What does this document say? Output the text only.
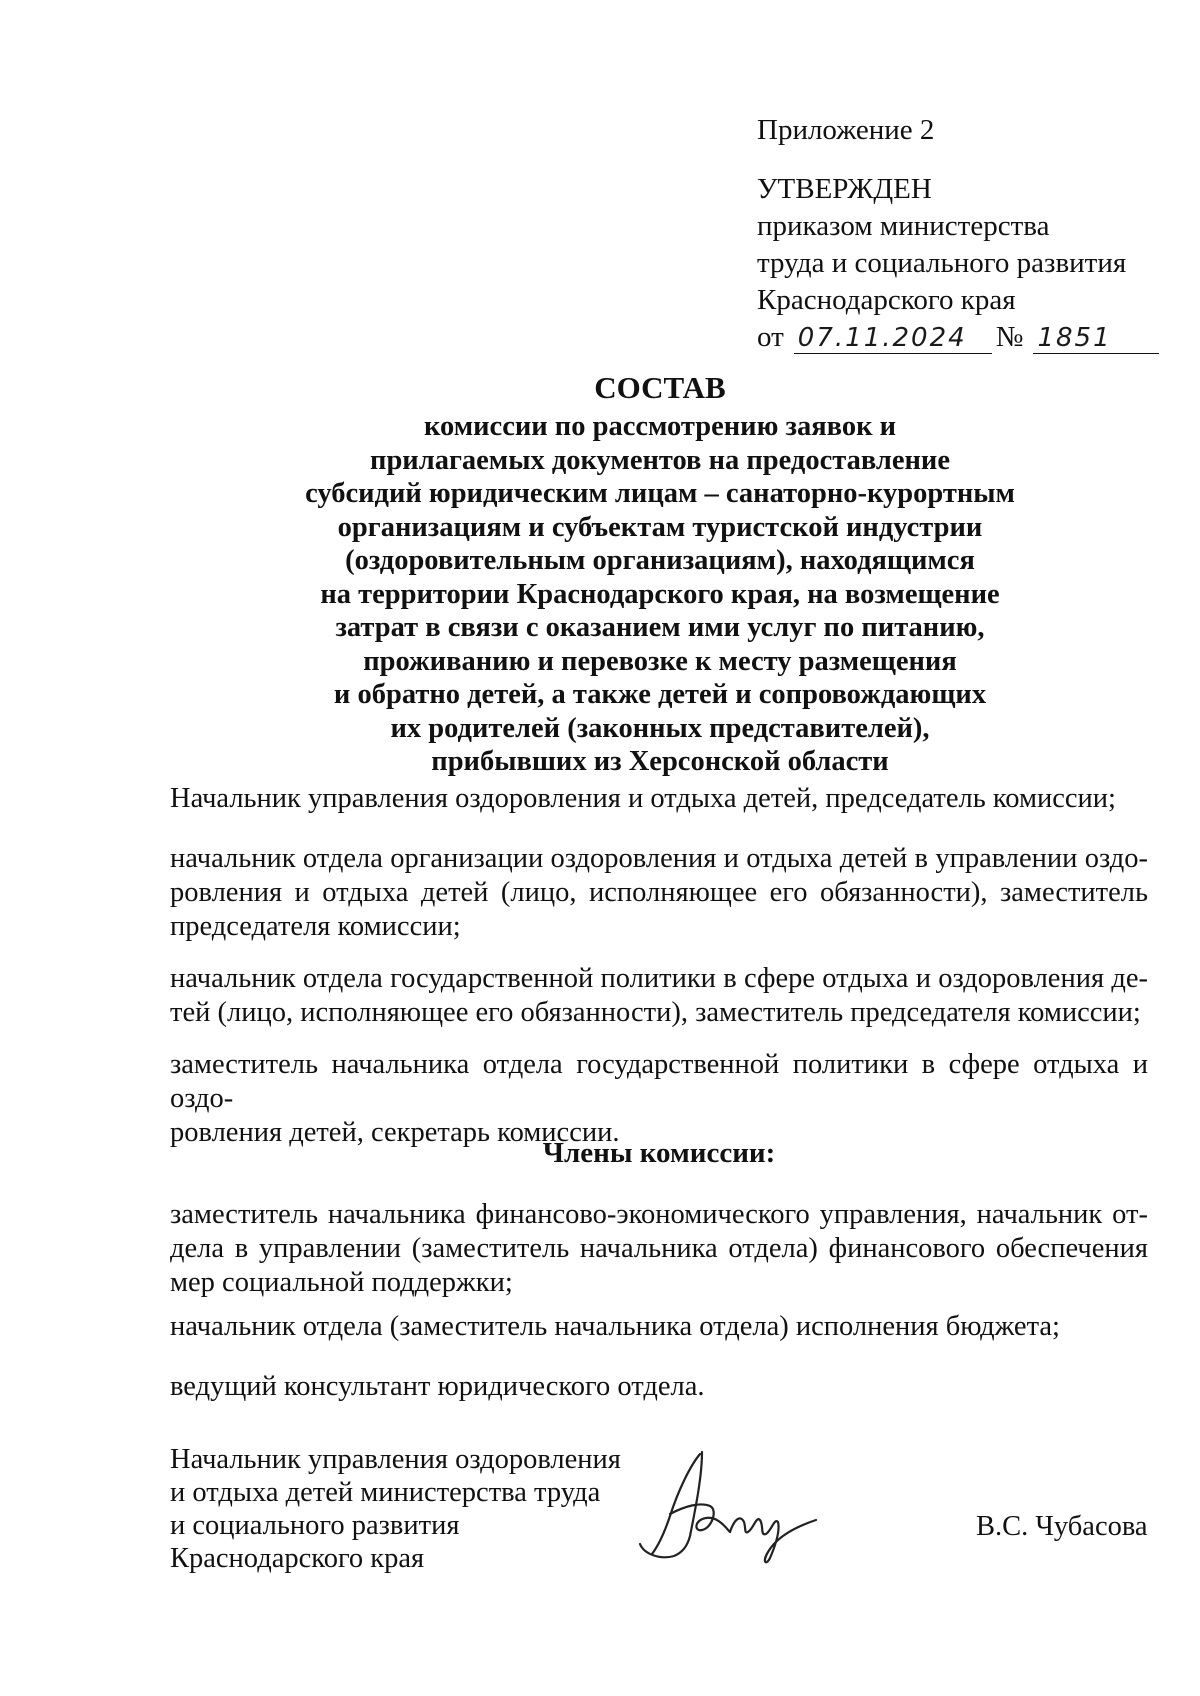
Приложение 2
УТВЕРЖДЕН
приказом министерства
труда и социального развития
Краснодарского края
от 07.11.2024	№ 1851
СОСТАВ
комиссии по рассмотрению заявок и
прилагаемых документов на предоставление
субсидий юридическим лицам – санаторно-курортным
организациям и субъектам туристской индустрии
(оздоровительным организациям), находящимся
на территории Краснодарского края, на возмещение
затрат в связи с оказанием ими услуг по питанию,
проживанию и перевозке к месту размещения
и обратно детей, а также детей и сопровождающих
их родителей (законных представителей),
прибывших из Херсонской области
Начальник управления оздоровления и отдыха детей, председатель комиссии;
начальник отдела организации оздоровления и отдыха детей в управлении оздо-
ровления и отдыха детей (лицо, исполняющее его обязанности), заместитель
председателя комиссии;
начальник отдела государственной политики в сфере отдыха и оздоровления де-
тей (лицо, исполняющее его обязанности), заместитель председателя комиссии;
заместитель начальника отдела государственной политики в сфере отдыха и оздо-
ровления детей, секретарь комиссии.
Члены комиссии:
заместитель начальника финансово-экономического управления, начальник от-
дела в управлении (заместитель начальника отдела) финансового обеспечения
мер социальной поддержки;
начальник отдела (заместитель начальника отдела) исполнения бюджета;
ведущий консультант юридического отдела.
Начальник управления оздоровления
и отдыха детей министерства труда
и социального развития
Краснодарского края
В.С. Чубасова
